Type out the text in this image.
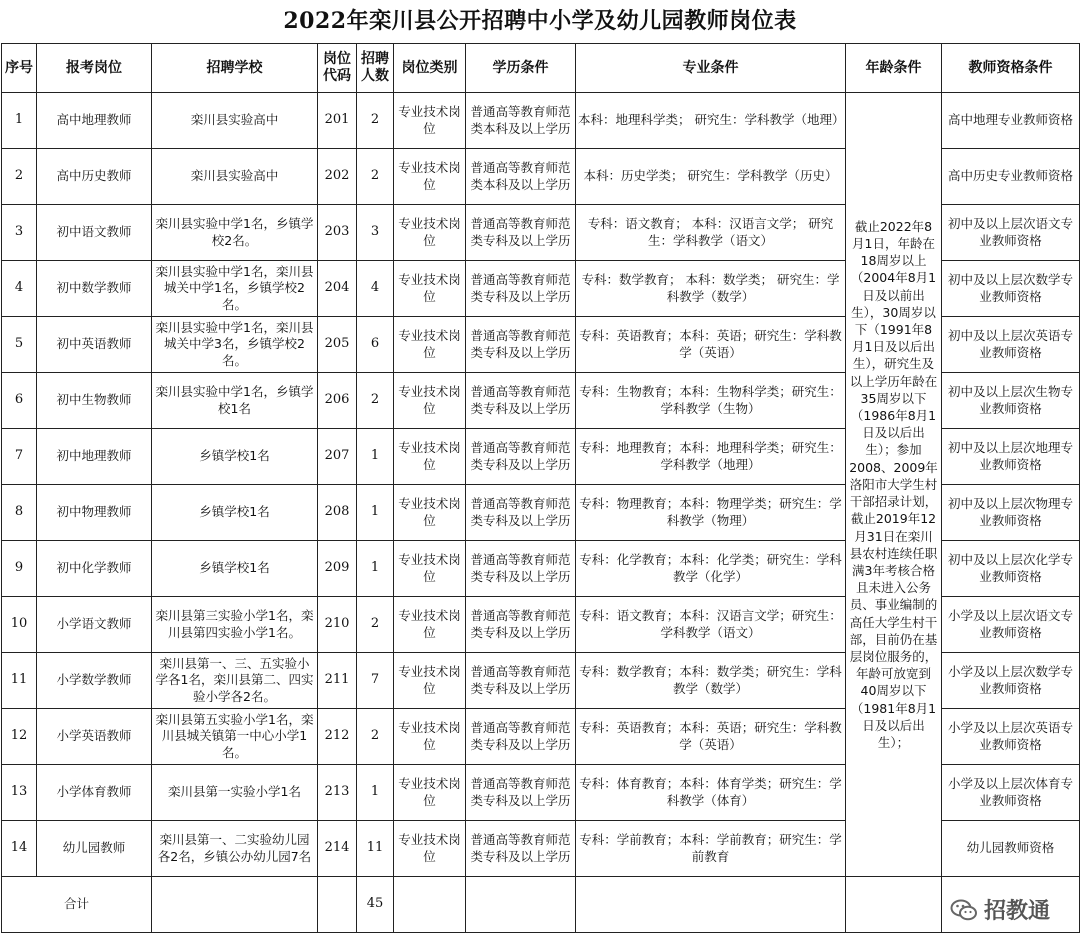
2022年栾川县公开招聘中小学及幼儿园教师岗位表
序号	报考岗位	招聘学校	岗位代码	招聘人数	岗位类别	学历条件	专业条件	年龄条件	教师资格条件
1	高中地理教师	栾川县实验高中	201	2	专业技术岗位	普通高等教育师范类本科及以上学历	本科：地理科学类； 研究生：学科教学（地理）	截止2022年8月1日，年龄在18周岁以上（2004年8月1日及以前出生），30周岁以下（1991年8月1日及以后出生），研究生及以上学历年龄在35周岁以下（1986年8月1日及以后出生）；参加2008、2009年洛阳市大学生村干部招录计划，截止2019年12月31日在栾川县农村连续任职满3年考核合格且未进入公务员、事业编制的高任大学生村干部，目前仍在基层岗位服务的，年龄可放宽到40周岁以下（1981年8月1日及以后出生）；	高中地理专业教师资格
2	高中历史教师	栾川县实验高中	202	2	专业技术岗位	普通高等教育师范类本科及以上学历	本科：历史学类； 研究生：学科教学（历史）		高中历史专业教师资格
3	初中语文教师	栾川县实验中学1名，乡镇学校2名。	203	3	专业技术岗位	普通高等教育师范类专科及以上学历	专科：语文教育； 本科：汉语言文学； 研究生：学科教学（语文）		初中及以上层次语文专业教师资格
4	初中数学教师	栾川县实验中学1名，栾川县城关中学1名，乡镇学校2名。	204	4	专业技术岗位	普通高等教育师范类专科及以上学历	专科：数学教育； 本科：数学类； 研究生：学科教学（数学）		初中及以上层次数学专业教师资格
5	初中英语教师	栾川县实验中学1名，栾川县城关中学3名，乡镇学校2名。	205	6	专业技术岗位	普通高等教育师范类专科及以上学历	专科：英语教育；本科：英语；研究生：学科教学（英语）		初中及以上层次英语专业教师资格
6	初中生物教师	栾川县实验中学1名，乡镇学校1名	206	2	专业技术岗位	普通高等教育师范类专科及以上学历	专科：生物教育；本科：生物科学类；研究生：学科教学（生物）		初中及以上层次生物专业教师资格
7	初中地理教师	乡镇学校1名	207	1	专业技术岗位	普通高等教育师范类专科及以上学历	专科：地理教育；本科：地理科学类；研究生：学科教学（地理）		初中及以上层次地理专业教师资格
8	初中物理教师	乡镇学校1名	208	1	专业技术岗位	普通高等教育师范类专科及以上学历	专科：物理教育；本科：物理学类；研究生：学科教学（物理）		初中及以上层次物理专业教师资格
9	初中化学教师	乡镇学校1名	209	1	专业技术岗位	普通高等教育师范类专科及以上学历	专科：化学教育；本科：化学类；研究生：学科教学（化学）		初中及以上层次化学专业教师资格
10	小学语文教师	栾川县第三实验小学1名，栾川县第四实验小学1名。	210	2	专业技术岗位	普通高等教育师范类专科及以上学历	专科：语文教育；本科：汉语言文学；研究生：学科教学（语文）		小学及以上层次语文专业教师资格
11	小学数学教师	栾川县第一、三、五实验小学各1名，栾川县第二、四实验小学各2名。	211	7	专业技术岗位	普通高等教育师范类专科及以上学历	专科：数学教育；本科：数学类；研究生：学科教学（数学）		小学及以上层次数学专业教师资格
12	小学英语教师	栾川县第五实验小学1名，栾川县城关镇第一中心小学1名。	212	2	专业技术岗位	普通高等教育师范类专科及以上学历	专科：英语教育；本科：英语；研究生：学科教学（英语）		小学及以上层次英语专业教师资格
13	小学体育教师	栾川县第一实验小学1名	213	1	专业技术岗位	普通高等教育师范类专科及以上学历	专科：体育教育；本科：体育学类；研究生：学科教学（体育）		小学及以上层次体育专业教师资格
14	幼儿园教师	栾川县第一、二实验幼儿园各2名，乡镇公办幼儿园7名	214	11	专业技术岗位	普通高等教育师范类专科及以上学历	专科：学前教育；本科：学前教育；研究生：学前教育		幼儿园教师资格
合计				45						招教通
